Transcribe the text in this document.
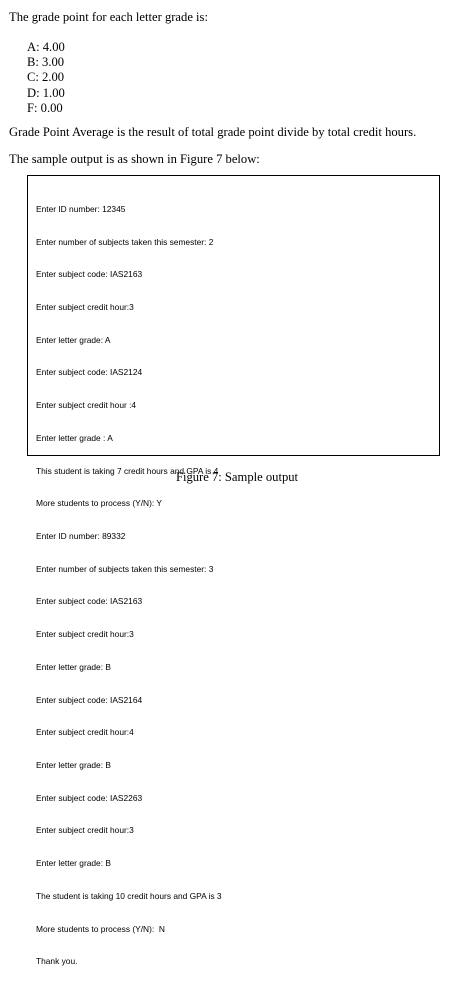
The grade point for each letter grade is:
A: 4.00
B: 3.00
C: 2.00
D: 1.00
F: 0.00
Grade Point Average is the result of total grade point divide by total credit hours.
The sample output is as shown in Figure 7 below:

Enter ID number: 12345

Enter number of subjects taken this semester: 2

Enter subject code: IAS2163

Enter subject credit hour:3

Enter letter grade: A

Enter subject code: IAS2124

Enter subject credit hour :4

Enter letter grade : A

This student is taking 7 credit hours and GPA is 4

More students to process (Y/N): Y

Enter ID number: 89332

Enter number of subjects taken this semester: 3

Enter subject code: IAS2163

Enter subject credit hour:3

Enter letter grade: B

Enter subject code: IAS2164

Enter subject credit hour:4

Enter letter grade: B

Enter subject code: IAS2263

Enter subject credit hour:3

Enter letter grade: B

The student is taking 10 credit hours and GPA is 3

More students to process (Y/N):  N

Thank you.

Figure 7: Sample output
